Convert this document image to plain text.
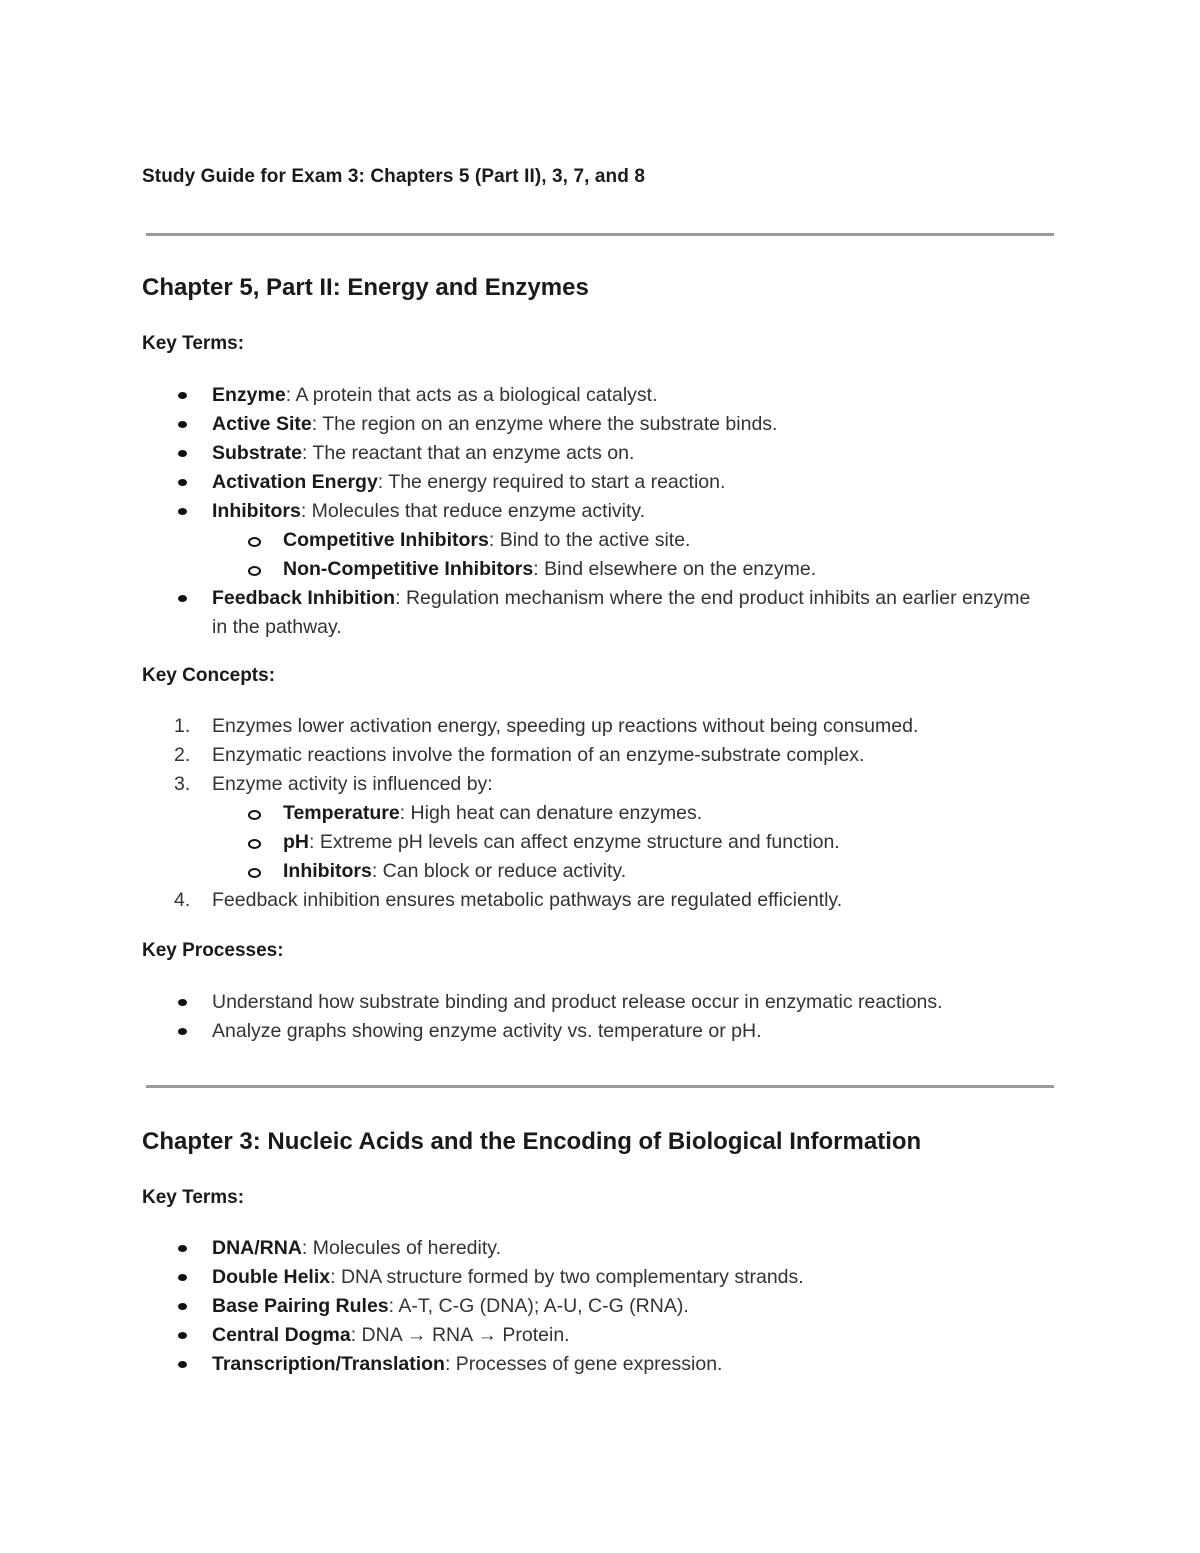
Study Guide for Exam 3: Chapters 5 (Part II), 3, 7, and 8
Chapter 5, Part II: Energy and Enzymes
Key Terms:
Enzyme: A protein that acts as a biological catalyst.
Active Site: The region on an enzyme where the substrate binds.
Substrate: The reactant that an enzyme acts on.
Activation Energy: The energy required to start a reaction.
Inhibitors: Molecules that reduce enzyme activity.
Competitive Inhibitors: Bind to the active site.
Non-Competitive Inhibitors: Bind elsewhere on the enzyme.
Feedback Inhibition: Regulation mechanism where the end product inhibits an earlier enzyme in the pathway.
Key Concepts:
1. Enzymes lower activation energy, speeding up reactions without being consumed.
2. Enzymatic reactions involve the formation of an enzyme-substrate complex.
3. Enzyme activity is influenced by:
Temperature: High heat can denature enzymes.
pH: Extreme pH levels can affect enzyme structure and function.
Inhibitors: Can block or reduce activity.
4. Feedback inhibition ensures metabolic pathways are regulated efficiently.
Key Processes:
Understand how substrate binding and product release occur in enzymatic reactions.
Analyze graphs showing enzyme activity vs. temperature or pH.
Chapter 3: Nucleic Acids and the Encoding of Biological Information
Key Terms:
DNA/RNA: Molecules of heredity.
Double Helix: DNA structure formed by two complementary strands.
Base Pairing Rules: A-T, C-G (DNA); A-U, C-G (RNA).
Central Dogma: DNA → RNA → Protein.
Transcription/Translation: Processes of gene expression.
